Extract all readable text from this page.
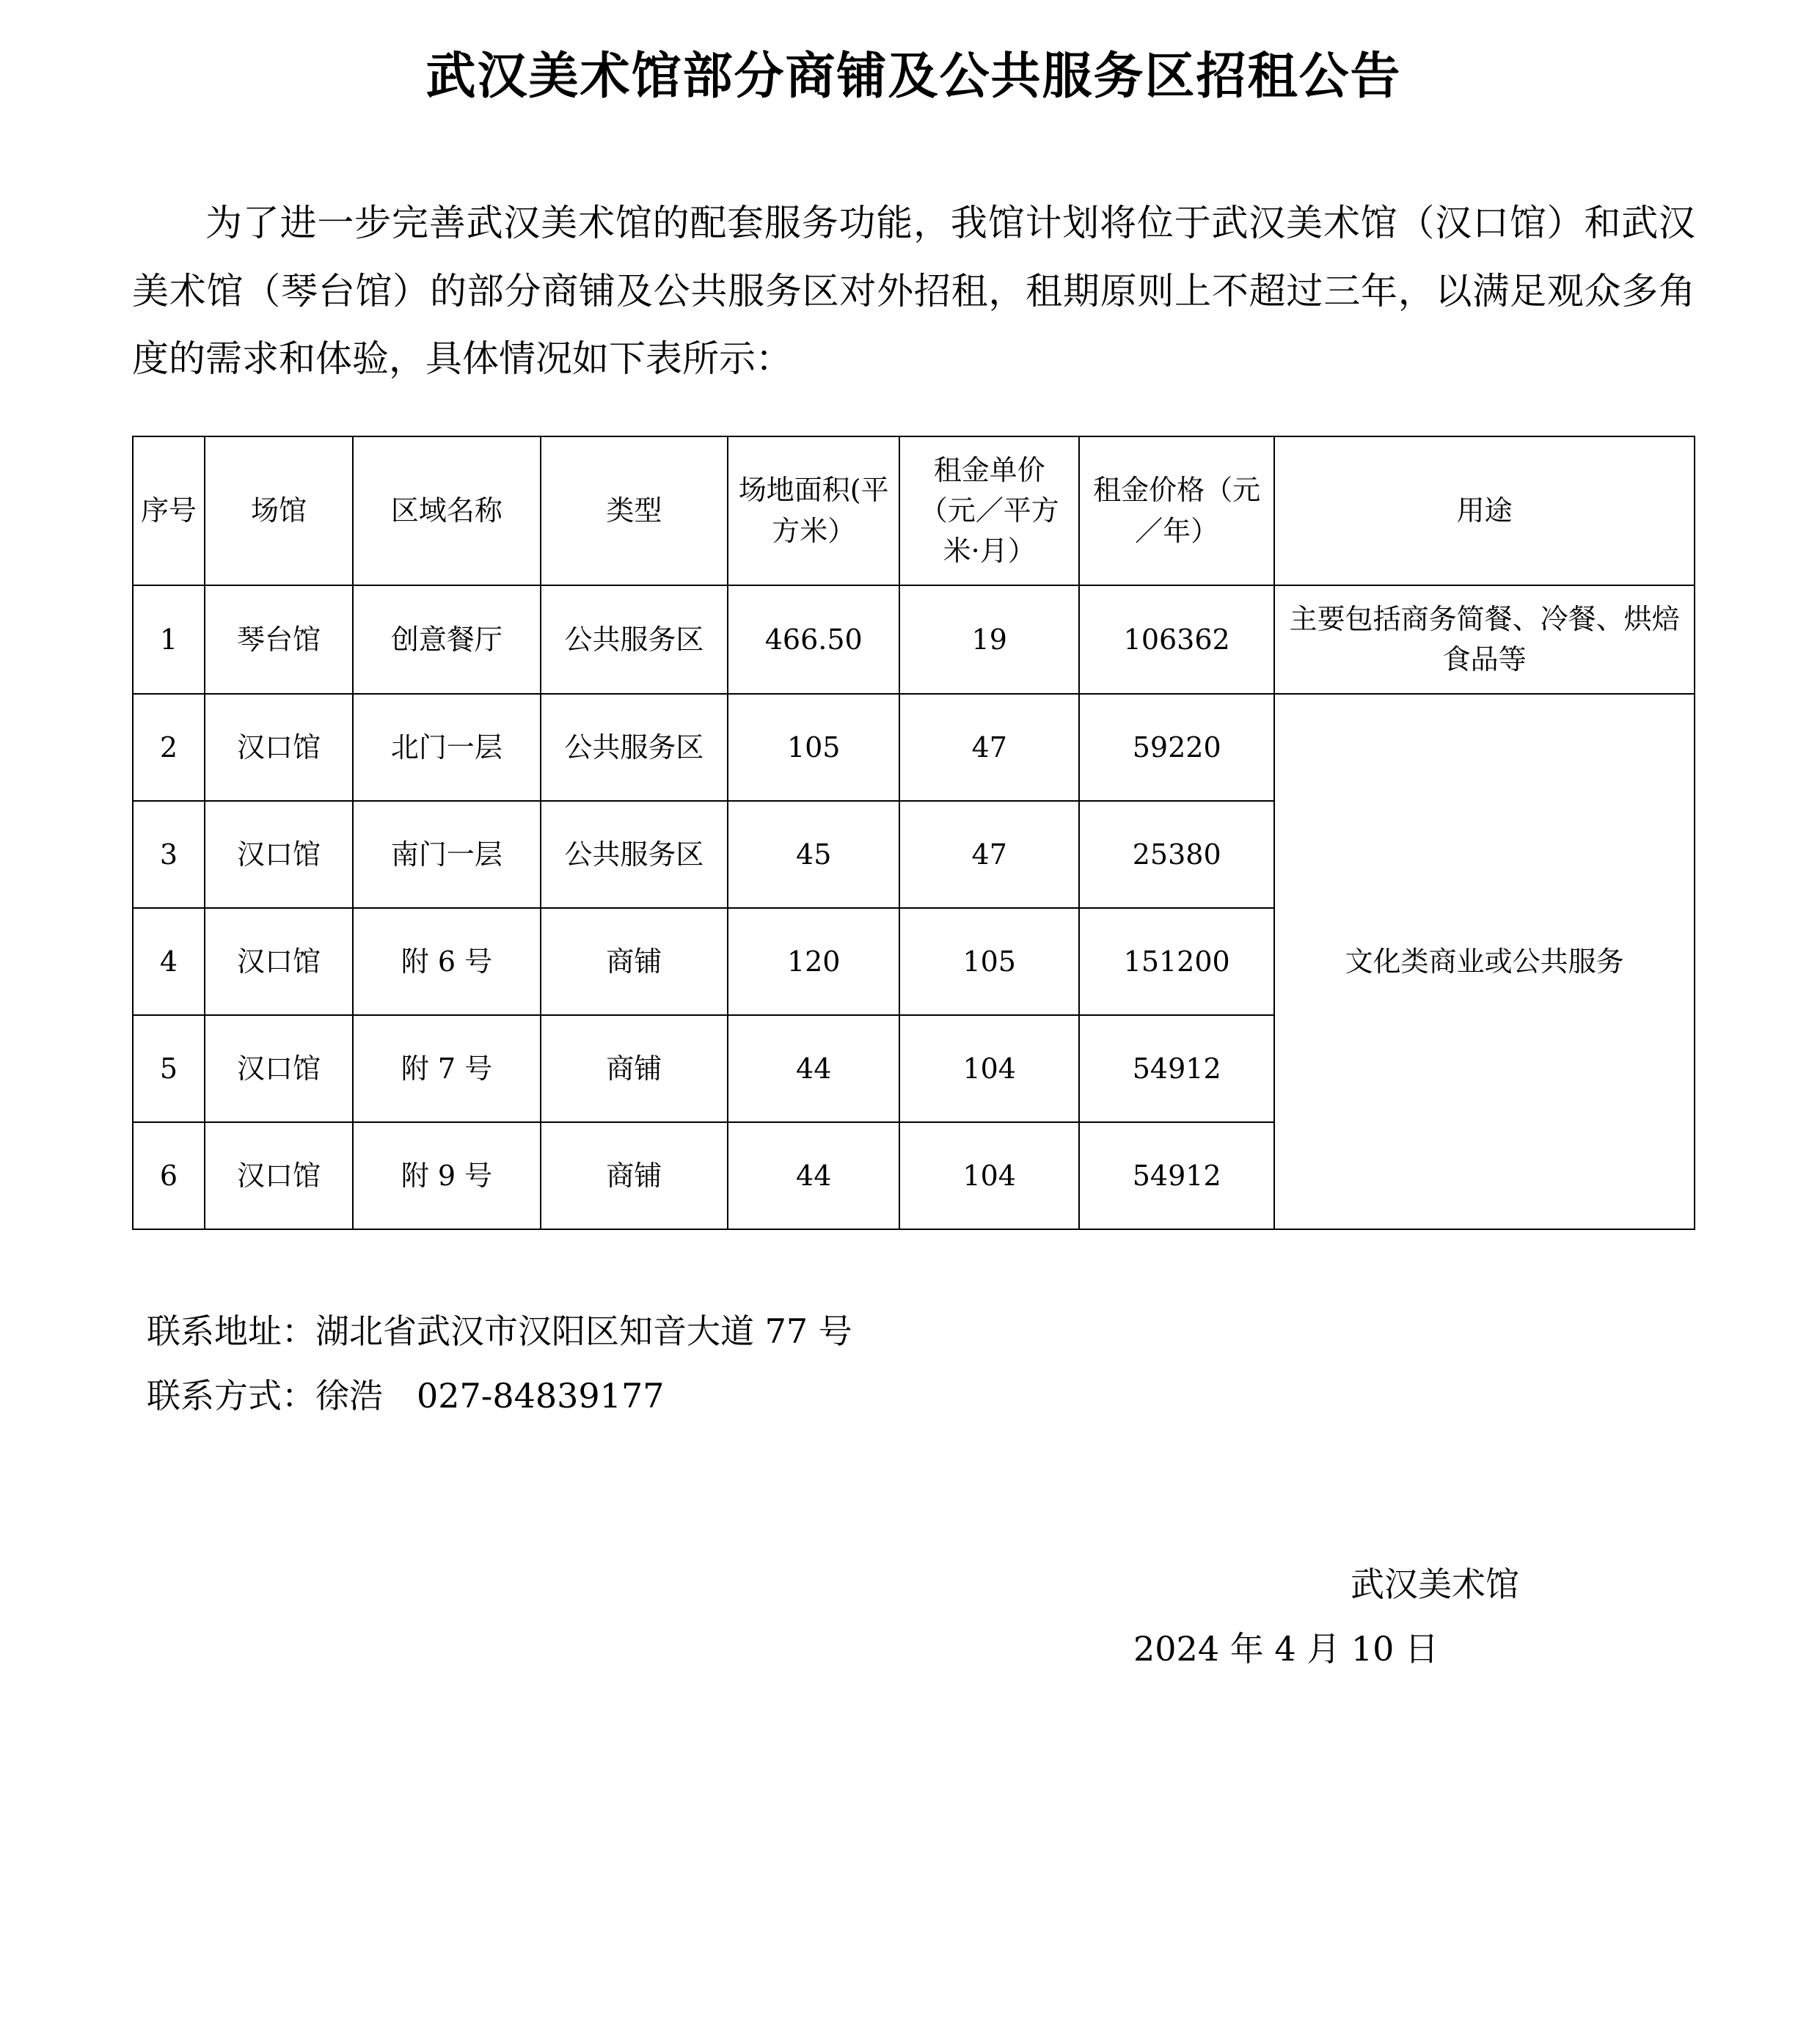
武汉美术馆部分商铺及公共服务区招租公告

为了进一步完善武汉美术馆的配套服务功能，我馆计划将位于武汉美术馆（汉口馆）和武汉美术馆（琴台馆）的部分商铺及公共服务区对外招租，租期原则上不超过三年，以满足观众多角度的需求和体验，具体情况如下表所示：

序号	场馆	区域名称	类型	场地面积(平方米）	租金单价（元／平方米·月）	租金价格（元／年）	用途
1	琴台馆	创意餐厅	公共服务区	466.50	19	106362	主要包括商务简餐、冷餐、烘焙食品等
2	汉口馆	北门一层	公共服务区	105	47	59220	文化类商业或公共服务
3	汉口馆	南门一层	公共服务区	45	47	25380	
4	汉口馆	附 6 号	商铺	120	105	151200	
5	汉口馆	附 7 号	商铺	44	104	54912	
6	汉口馆	附 9 号	商铺	44	104	54912	
联系地址：湖北省武汉市汉阳区知音大道 77 号
联系方式：徐浩　027-84839177
武汉美术馆
2024 年 4 月 10 日
